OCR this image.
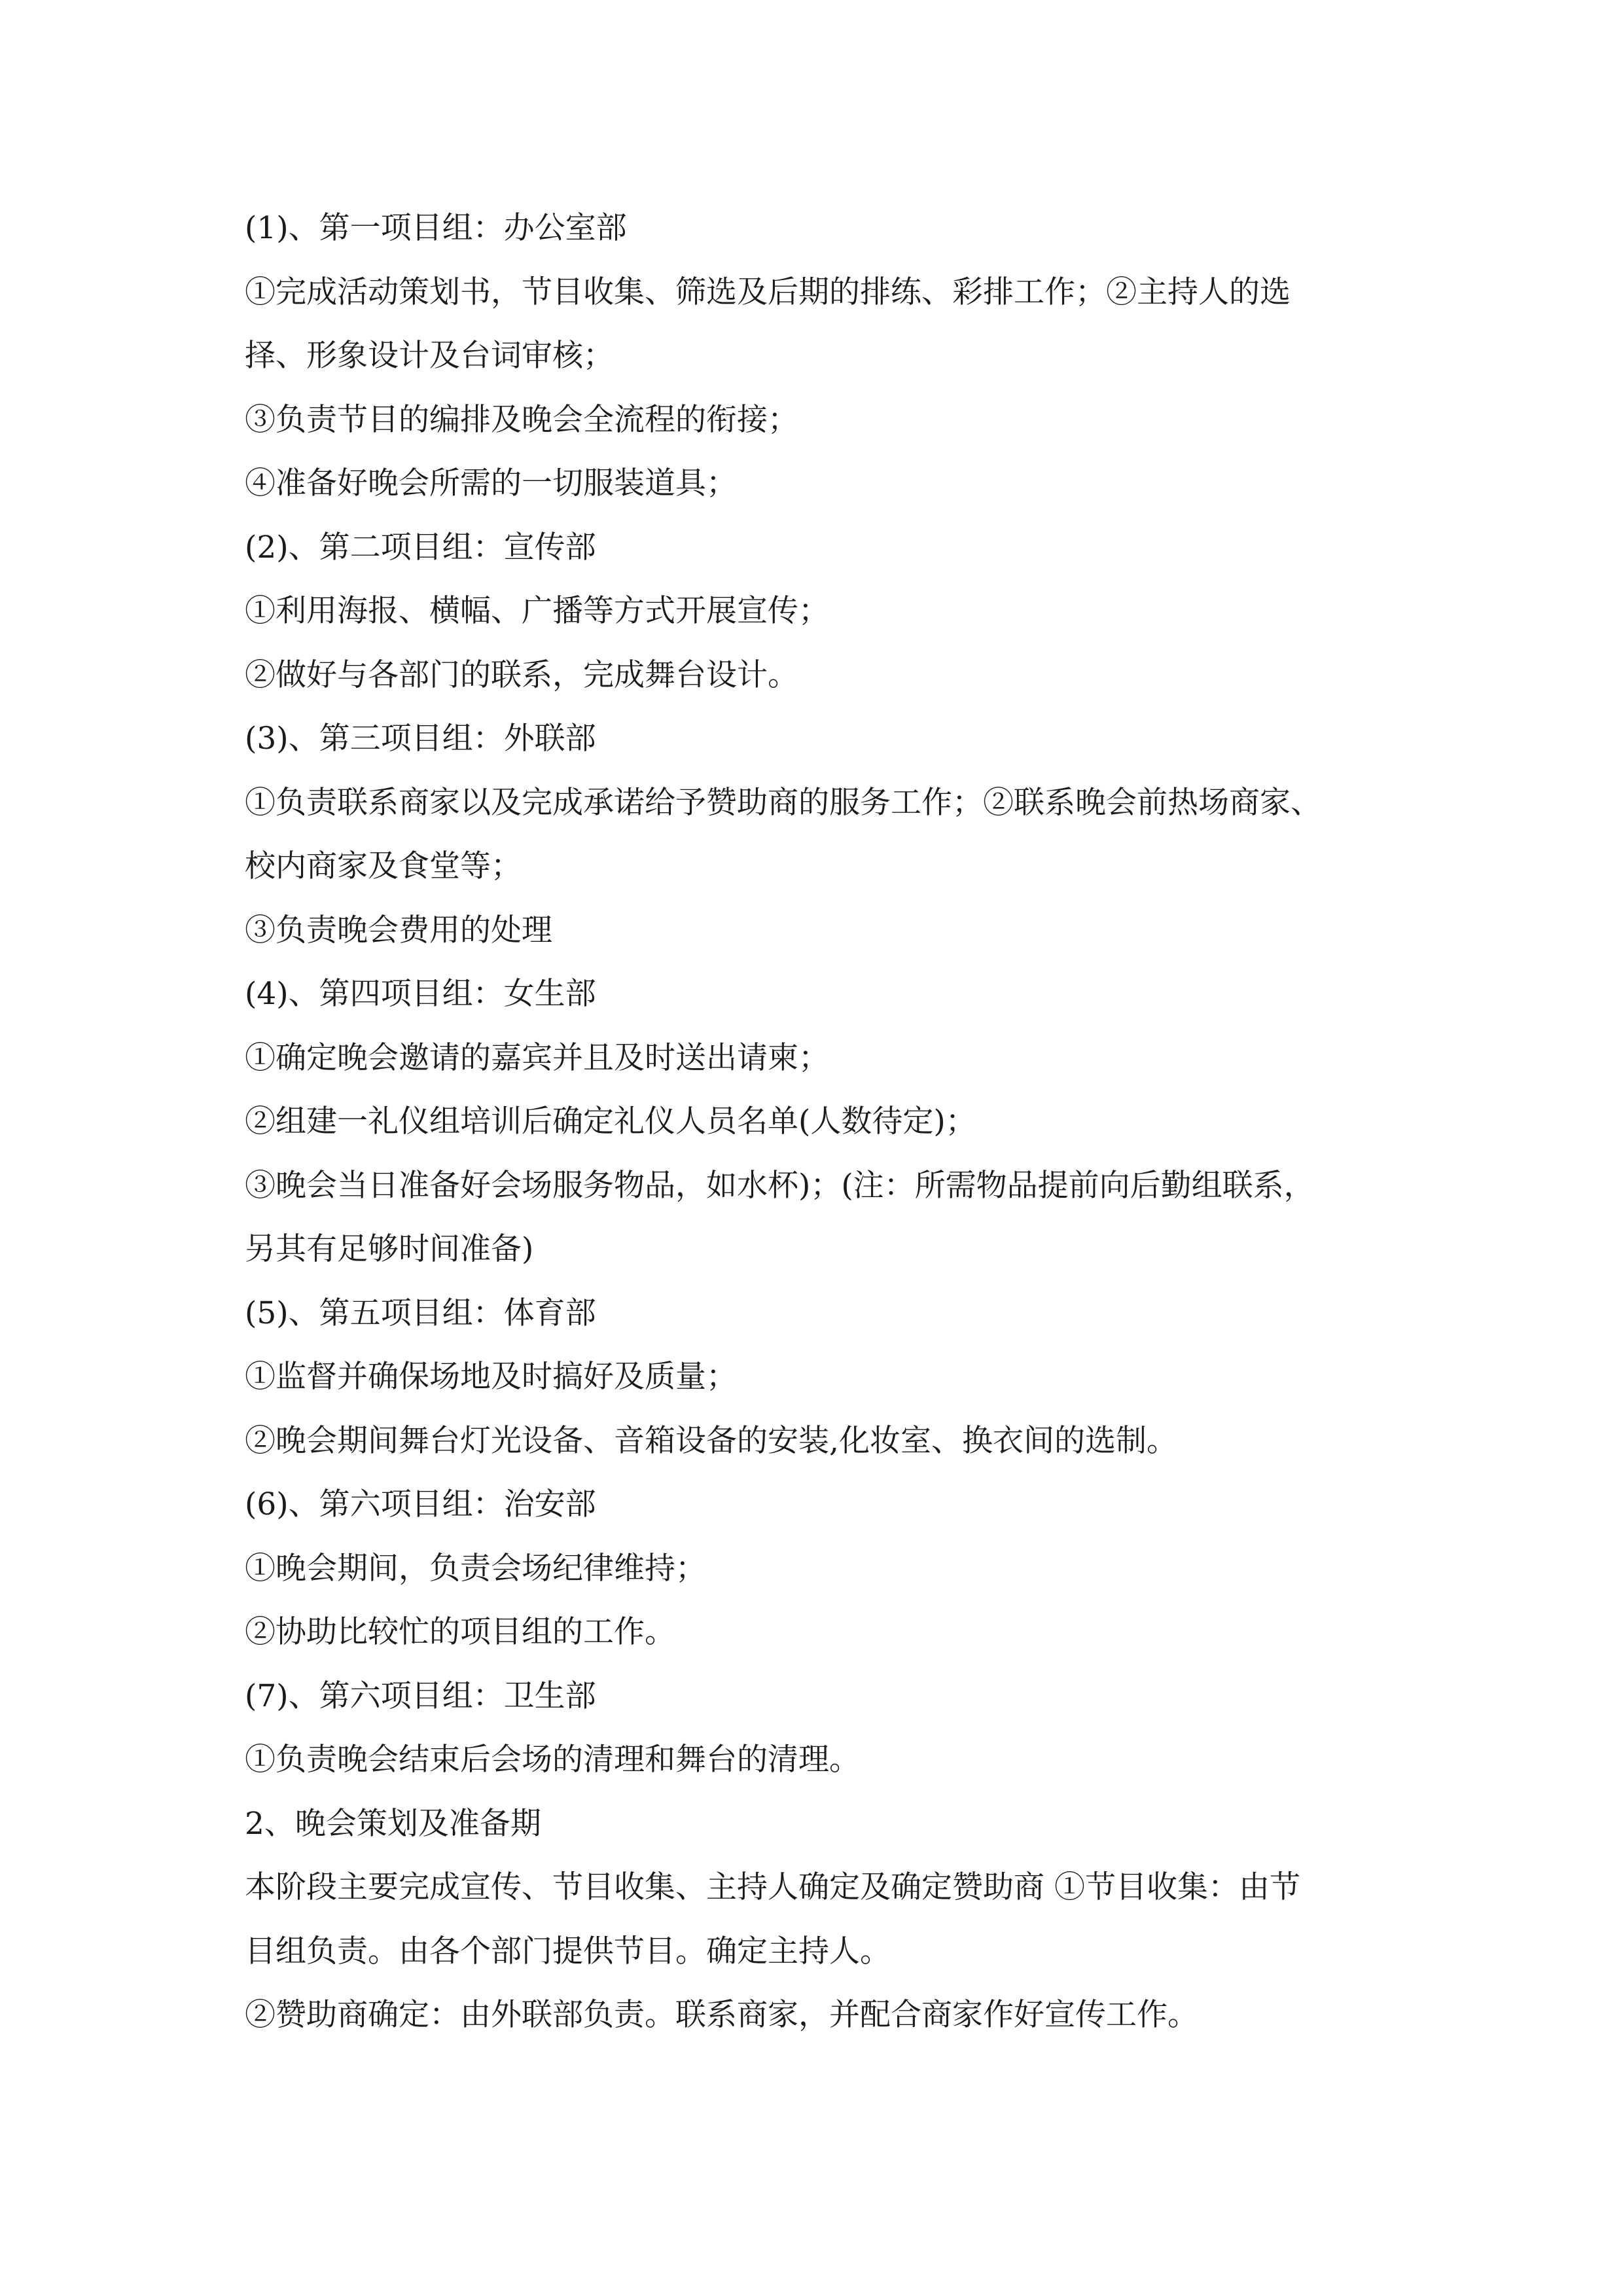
(1)、第一项目组：办公室部

①完成活动策划书，节目收集、筛选及后期的排练、彩排工作；②主持人的选

择、形象设计及台词审核；

③负责节目的编排及晚会全流程的衔接；

④准备好晚会所需的一切服装道具；

(2)、第二项目组：宣传部

①利用海报、横幅、广播等方式开展宣传；

②做好与各部门的联系，完成舞台设计。

(3)、第三项目组：外联部

①负责联系商家以及完成承诺给予赞助商的服务工作；②联系晚会前热场商家、

校内商家及食堂等；

③负责晚会费用的处理

(4)、第四项目组：女生部

①确定晚会邀请的嘉宾并且及时送出请柬；

②组建一礼仪组培训后确定礼仪人员名单(人数待定)；

③晚会当日准备好会场服务物品，如水杯)；(注：所需物品提前向后勤组联系，

另其有足够时间准备)

(5)、第五项目组：体育部

①监督并确保场地及时搞好及质量；

②晚会期间舞台灯光设备、音箱设备的安装,化妆室、换衣间的选制。

(6)、第六项目组：治安部

①晚会期间，负责会场纪律维持；

②协助比较忙的项目组的工作。

(7)、第六项目组：卫生部

①负责晚会结束后会场的清理和舞台的清理。

2、晚会策划及准备期

本阶段主要完成宣传、节目收集、主持人确定及确定赞助商 ①节目收集：由节

目组负责。由各个部门提供节目。确定主持人。

②赞助商确定：由外联部负责。联系商家，并配合商家作好宣传工作。
